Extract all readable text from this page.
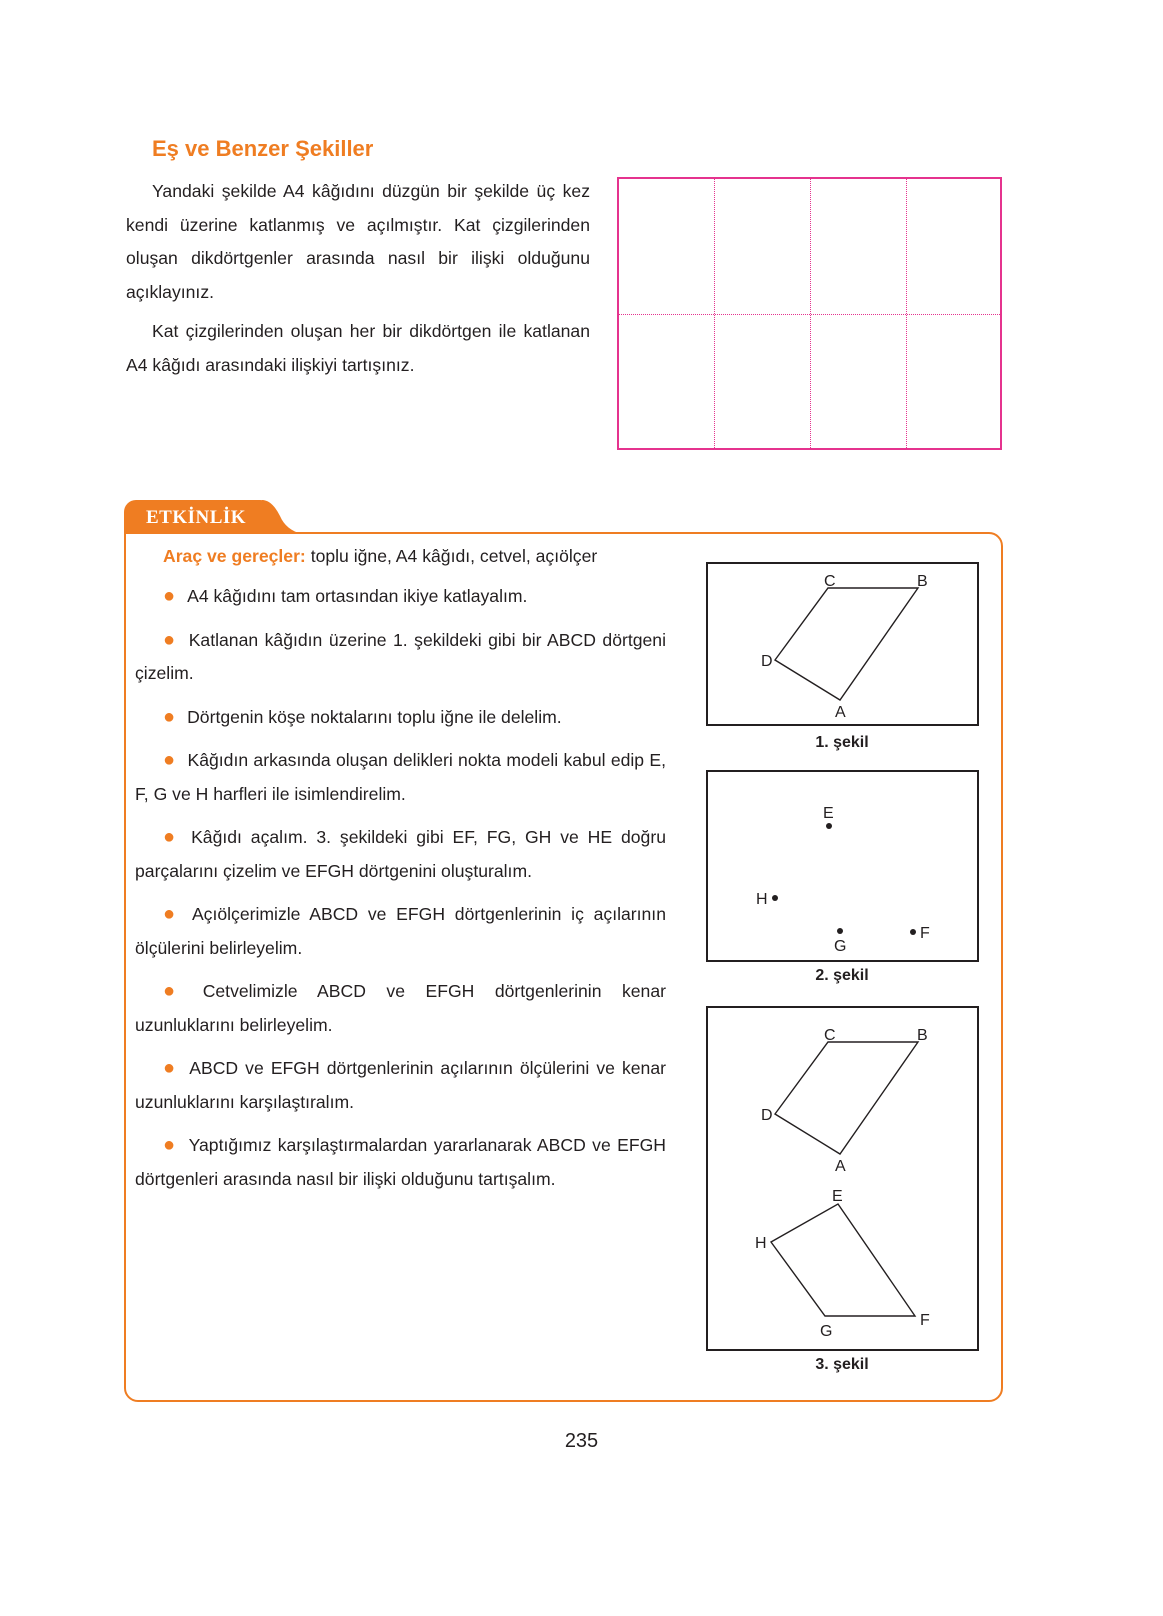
Eş ve Benzer Şekiller

Yandaki şekilde A4 kâğıdını düzgün bir şekilde üç kez kendi üzerine katlanmış ve açılmıştır. Kat çizgilerinden oluşan dikdörtgenler arasında nasıl bir ilişki olduğunu açıklayınız.

Kat çizgilerinden oluşan her bir dikdörtgen ile katlanan A4 kâğıdı arasındaki ilişkiyi tartışınız.

ETKİNLİK
Araç ve gereçler: toplu iğne, A4 kâğıdı, cetvel, açıölçer

● A4 kâğıdını tam ortasından ikiye katlayalım.

● Katlanan kâğıdın üzerine 1. şekildeki gibi bir ABCD dörtgeni çizelim.

● Dörtgenin köşe noktalarını toplu iğne ile delelim.

● Kâğıdın arkasında oluşan delikleri nokta modeli kabul edip E, F, G ve H harfleri ile isimlendirelim.

● Kâğıdı açalım. 3. şekildeki gibi EF, FG, GH ve HE doğru parçalarını çizelim ve EFGH dörtgenini oluşturalım.

● Açıölçerimizle ABCD ve EFGH dörtgenlerinin iç açılarının ölçülerini belirleyelim.

● Cetvelimizle ABCD ve EFGH dörtgenlerinin kenar uzunluklarını belirleyelim.

● ABCD ve EFGH dörtgenlerinin açılarının ölçülerini ve kenar uzunluklarını karşılaştıralım.

● Yaptığımız karşılaştırmalardan yararlanarak ABCD ve EFGH dörtgenleri arasında nasıl bir ilişki olduğunu tartışalım.

C	B
D
A
1. şekil
E
H
G
F
2. şekil
C	B
D
A
E
H
G
F
3. şekil
235
